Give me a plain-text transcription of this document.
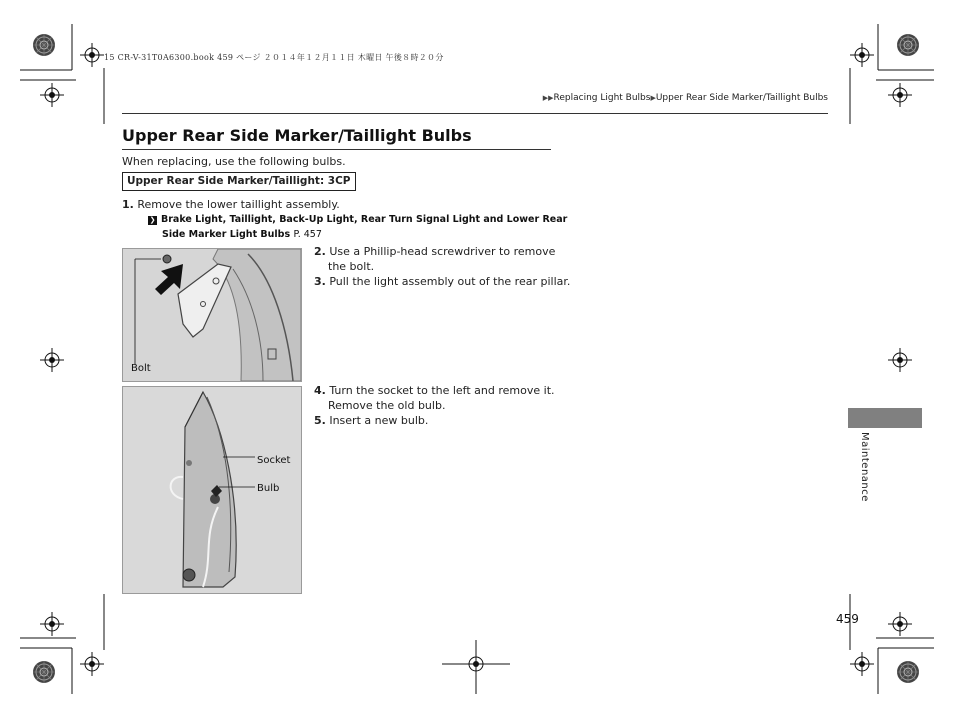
15 CR-V-31T0A6300.book 459 ページ ２０１４年１２月１１日 木曜日 午後８時２０分
▶▶Replacing Light Bulbs▶Upper Rear Side Marker/Taillight Bulbs
Upper Rear Side Marker/Taillight Bulbs
When replacing, use the following bulbs.
Upper Rear Side Marker/Taillight: 3CP
1. Remove the lower taillight assembly.
❯ Brake Light, Taillight, Back-Up Light, Rear Turn Signal Light and Lower Rear
Side Marker Light Bulbs P. 457
Bolt
2. Use a Phillip-head screwdriver to remove
the bolt.
3. Pull the light assembly out of the rear pillar.
Socket
Bulb
4. Turn the socket to the left and remove it.
Remove the old bulb.
5. Insert a new bulb.
Maintenance
459
